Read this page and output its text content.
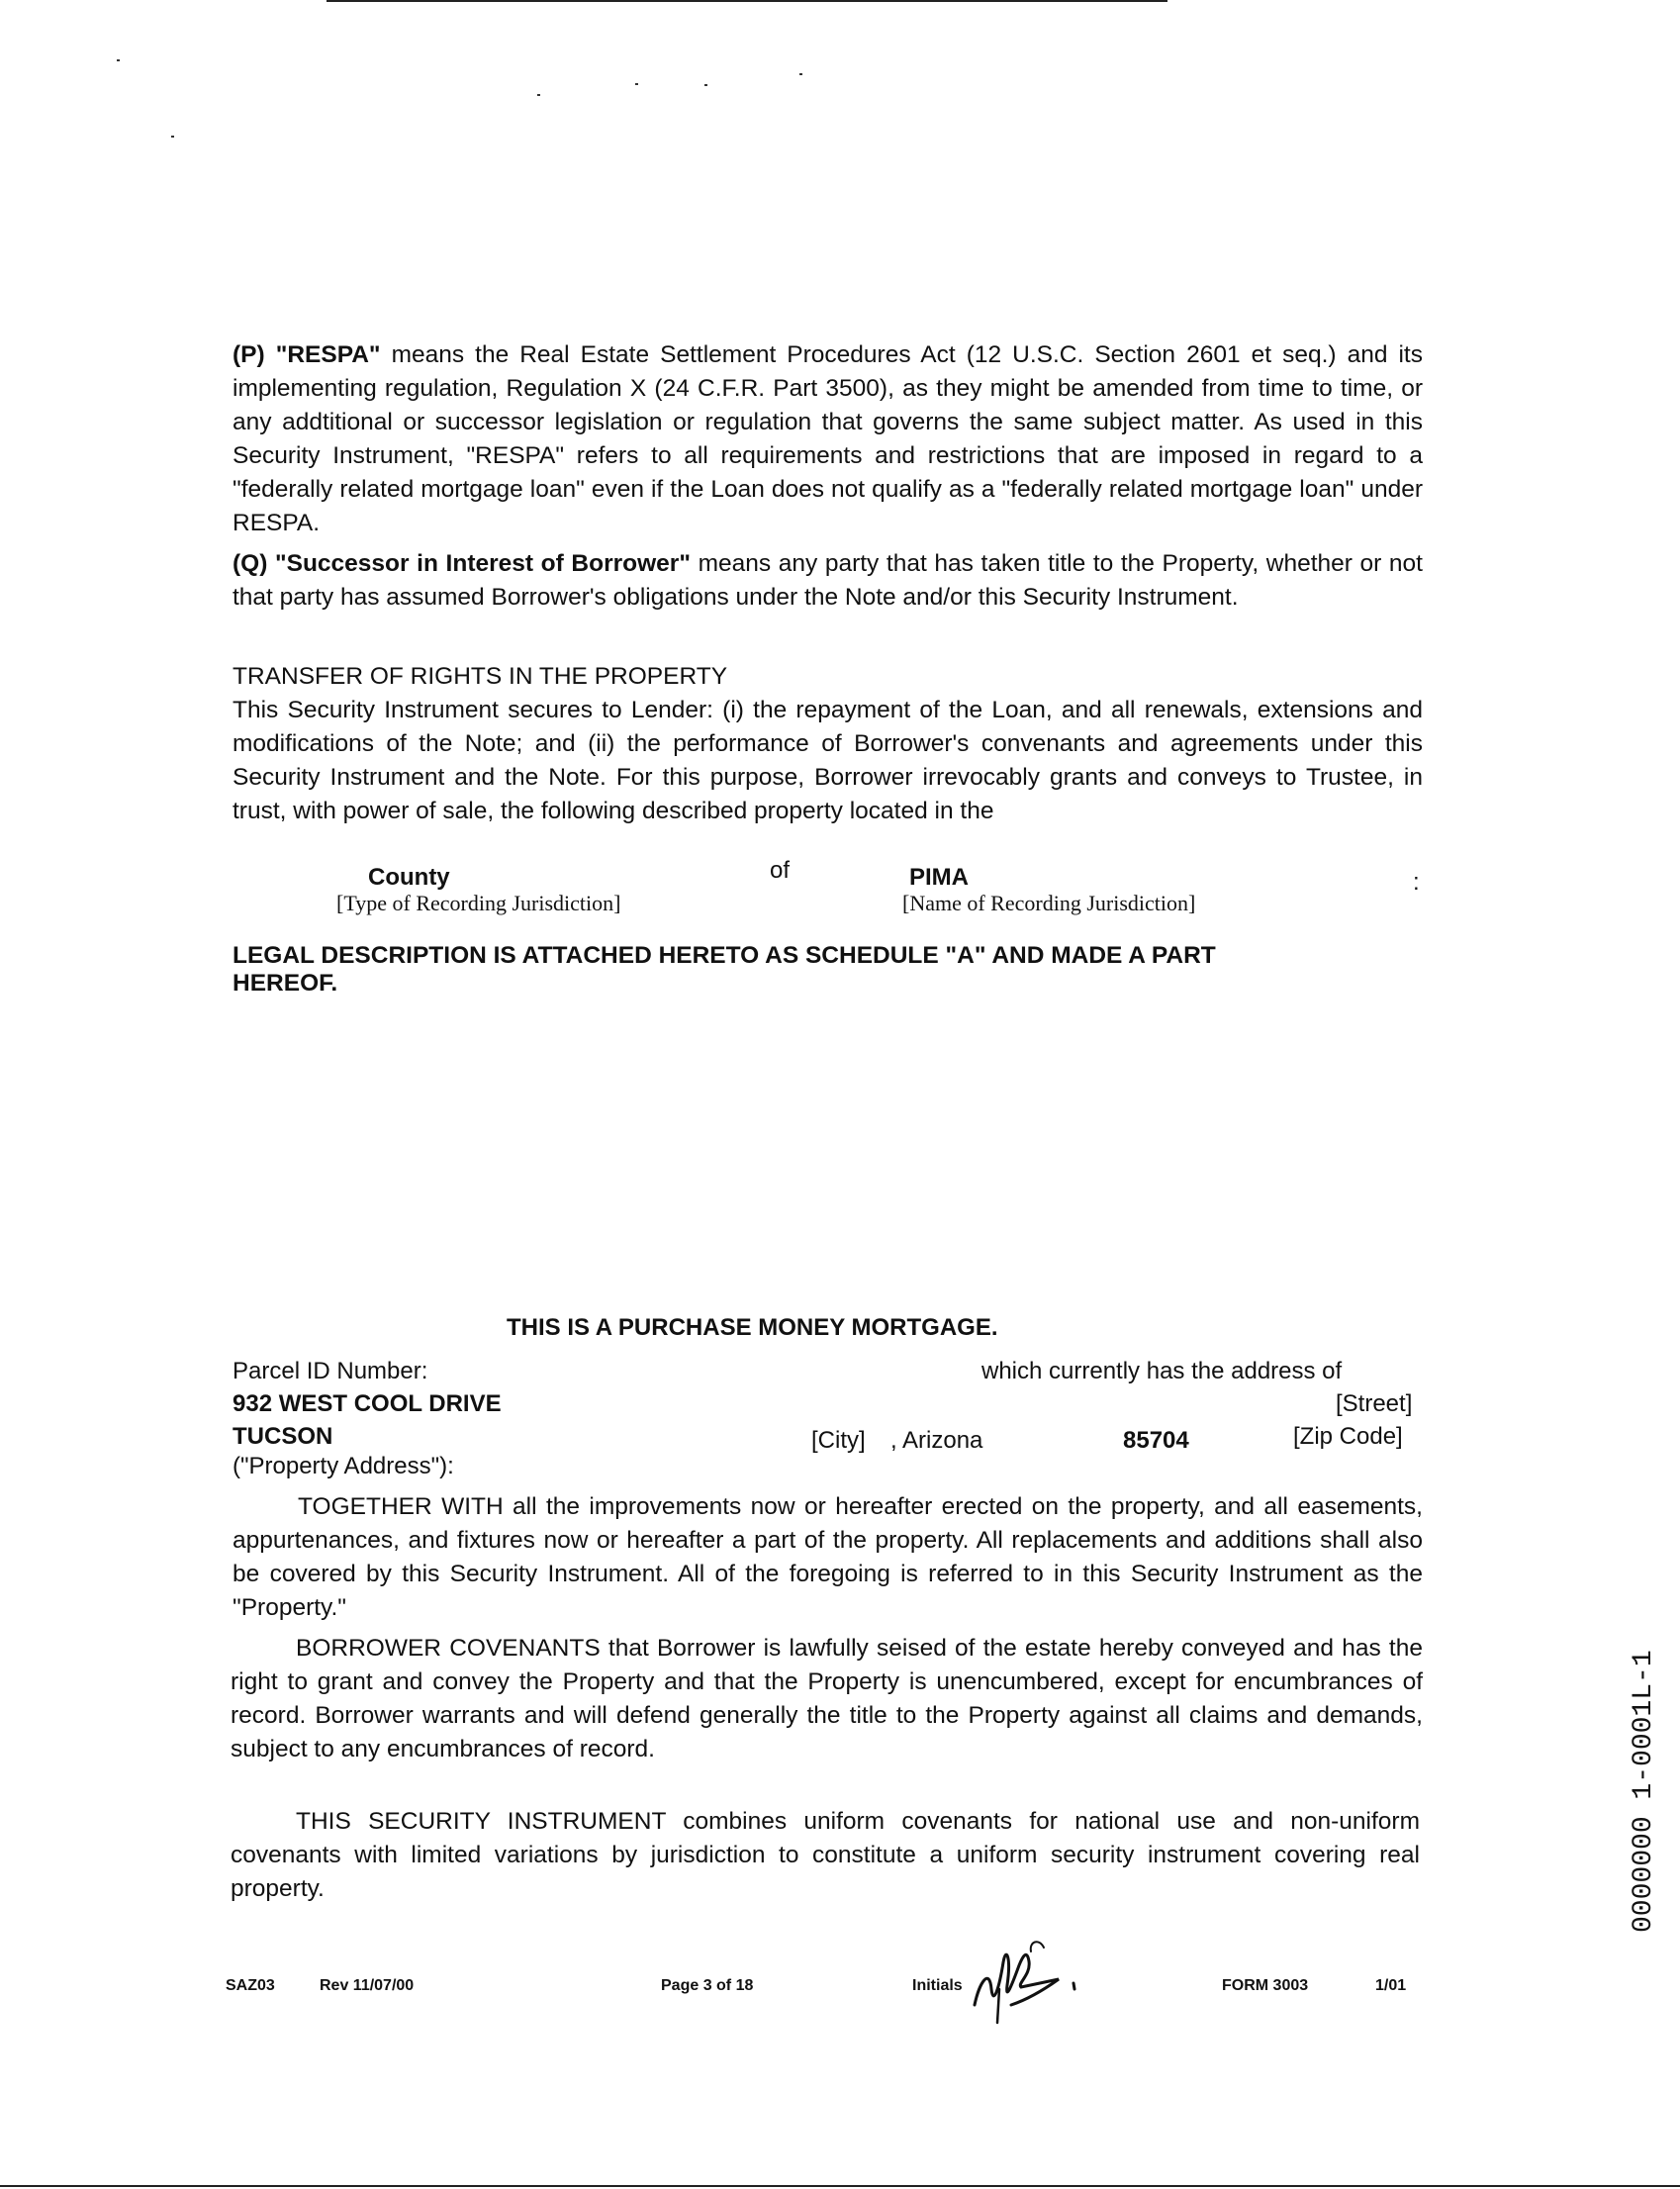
(P) "RESPA" means the Real Estate Settlement Procedures Act (12 U.S.C. Section 2601 et seq.) and its implementing regulation, Regulation X (24 C.F.R. Part 3500), as they might be amended from time to time, or any addtitional or successor legislation or regulation that governs the same subject matter. As used in this Security Instrument, "RESPA" refers to all requirements and restrictions that are imposed in regard to a "federally related mortgage loan" even if the Loan does not qualify as a "federally related mortgage loan" under RESPA.
(Q) "Successor in Interest of Borrower" means any party that has taken title to the Property, whether or not that party has assumed Borrower's obligations under the Note and/or this Security Instrument.
TRANSFER OF RIGHTS IN THE PROPERTY
This Security Instrument secures to Lender: (i) the repayment of the Loan, and all renewals, extensions and modifications of the Note; and (ii) the performance of Borrower's convenants and agreements under this Security Instrument and the Note. For this purpose, Borrower irrevocably grants and conveys to Trustee, in trust, with power of sale, the following described property located in the
County
[Type of Recording Jurisdiction]
of	PIMA
[Name of Recording Jurisdiction]
:
LEGAL DESCRIPTION IS ATTACHED HERETO AS SCHEDULE "A" AND MADE A PART HEREOF.
THIS IS A PURCHASE MONEY MORTGAGE.
Parcel ID Number:	which currently has the address of
932 WEST COOL DRIVE	[Street]
TUCSON	[City] , Arizona	85704	[Zip Code]
("Property Address"):
TOGETHER WITH all the improvements now or hereafter erected on the property, and all easements, appurtenances, and fixtures now or hereafter a part of the property. All replacements and additions shall also be covered by this Security Instrument. All of the foregoing is referred to in this Security Instrument as the "Property."
BORROWER COVENANTS that Borrower is lawfully seised of the estate hereby conveyed and has the right to grant and convey the Property and that the Property is unencumbered, except for encumbrances of record. Borrower warrants and will defend generally the title to the Property against all claims and demands, subject to any encumbrances of record.
THIS SECURITY INSTRUMENT combines uniform covenants for national use and non-uniform covenants with limited variations by jurisdiction to constitute a uniform security instrument covering real property.
SAZ03	Rev 11/07/00	Page 3 of 18	Initials	FORM 3003	1/01
0000000 1-0001L-1
